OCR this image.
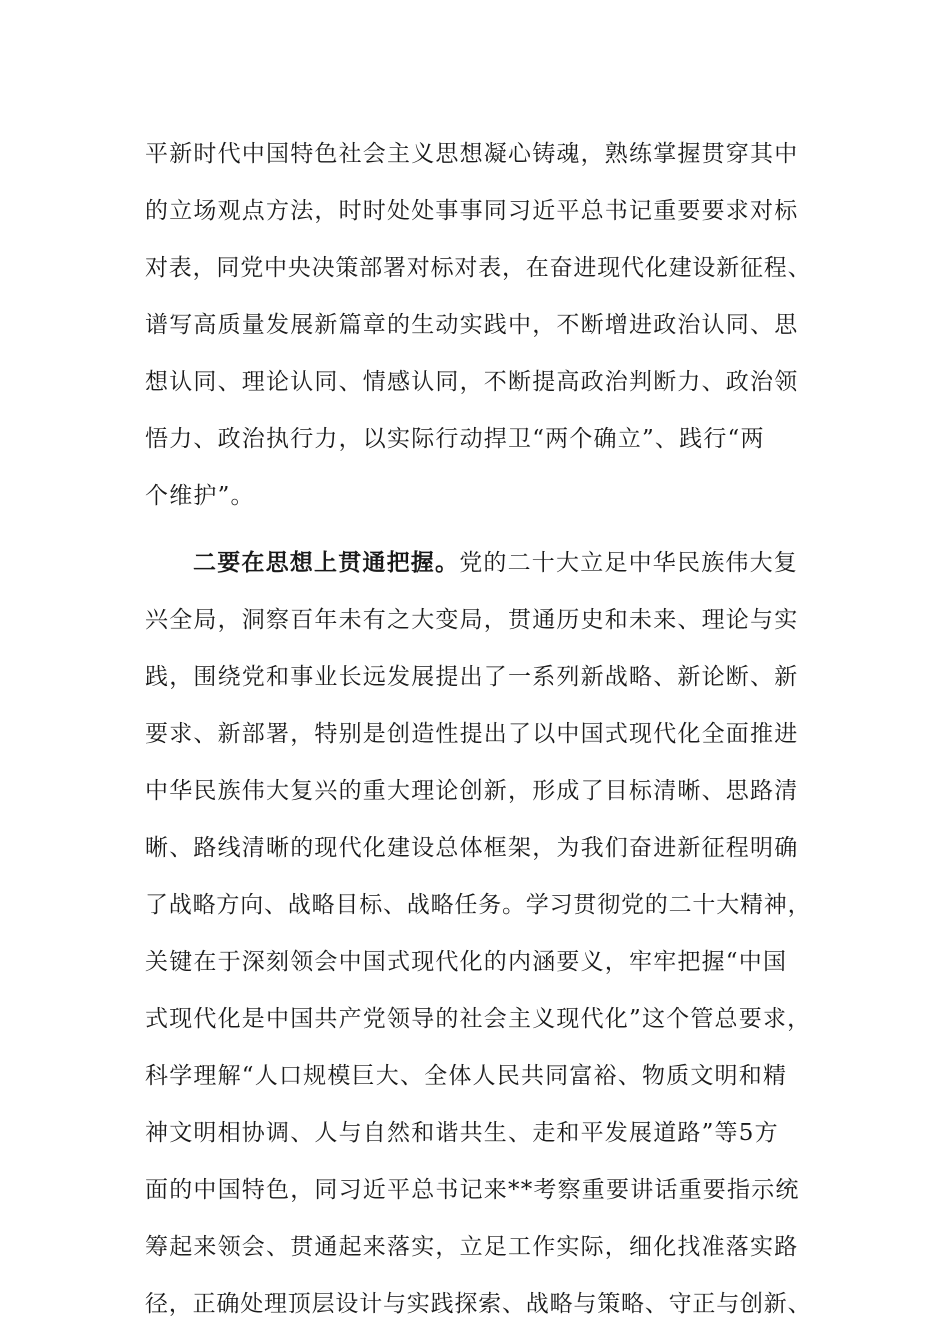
平新时代中国特色社会主义思想凝心铸魂，熟练掌握贯穿其中
的立场观点方法，时时处处事事同习近平总书记重要要求对标
对表，同党中央决策部署对标对表，在奋进现代化建设新征程、
谱写高质量发展新篇章的生动实践中，不断增进政治认同、思
想认同、理论认同、情感认同，不断提高政治判断力、政治领
悟力、政治执行力，以实际行动捍卫“两个确立”、践行“两
个维护”。
二要在思想上贯通把握。党的二十大立足中华民族伟大复
兴全局，洞察百年未有之大变局，贯通历史和未来、理论与实
践，围绕党和事业长远发展提出了一系列新战略、新论断、新
要求、新部署，特别是创造性提出了以中国式现代化全面推进
中华民族伟大复兴的重大理论创新，形成了目标清晰、思路清
晰、路线清晰的现代化建设总体框架，为我们奋进新征程明确
了战略方向、战略目标、战略任务。学习贯彻党的二十大精神，
关键在于深刻领会中国式现代化的内涵要义，牢牢把握“中国
式现代化是中国共产党领导的社会主义现代化”这个管总要求，
科学理解“人口规模巨大、全体人民共同富裕、物质文明和精
神文明相协调、人与自然和谐共生、走和平发展道路”等5方
面的中国特色，同习近平总书记来**考察重要讲话重要指示统
筹起来领会、贯通起来落实，立足工作实际，细化找准落实路
径，正确处理顶层设计与实践探索、战略与策略、守正与创新、
